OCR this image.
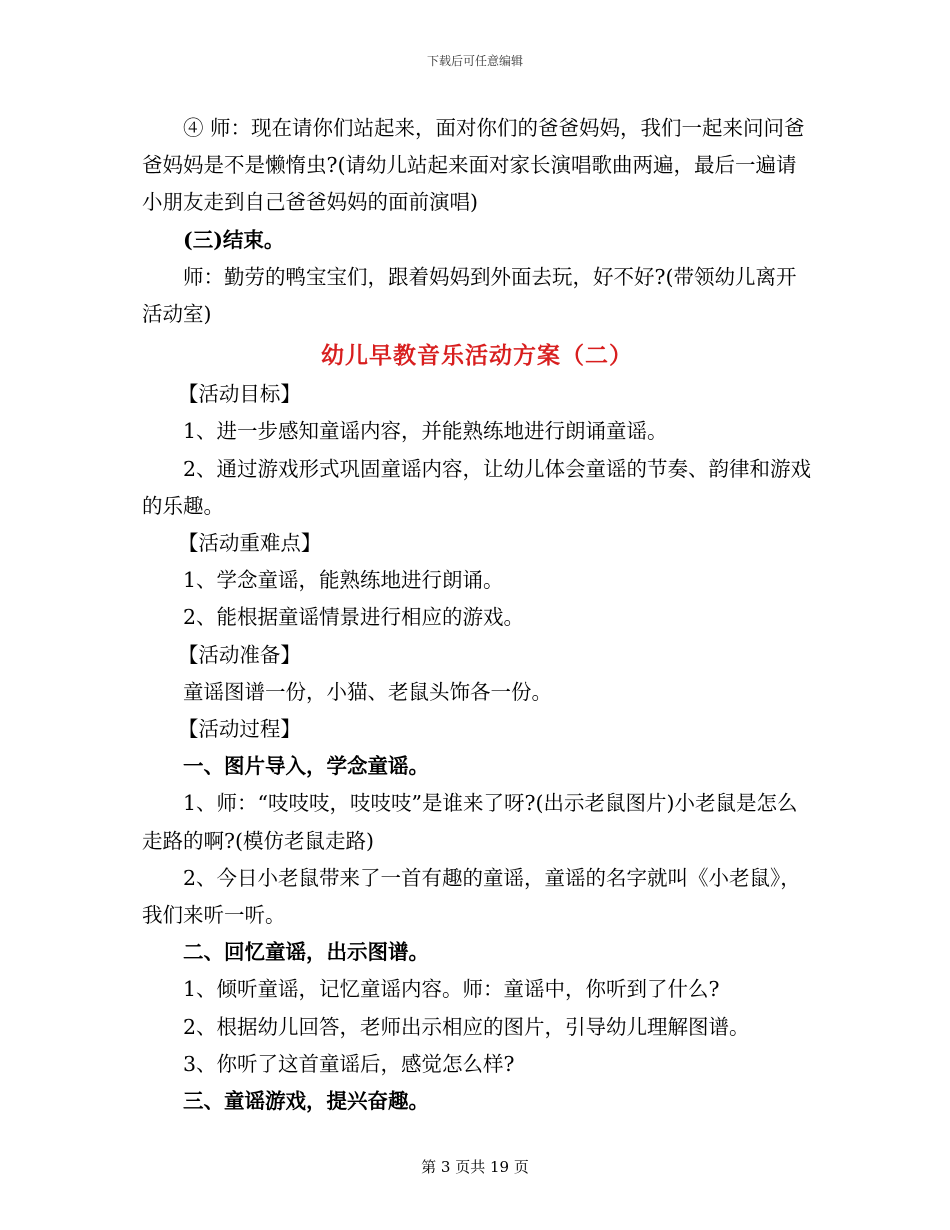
下载后可任意编辑

④ 师：现在请你们站起来，面对你们的爸爸妈妈，我们一起来问问爸爸妈妈是不是懒惰虫?(请幼儿站起来面对家长演唱歌曲两遍，最后一遍请小朋友走到自己爸爸妈妈的面前演唱)

(三)结束。

师：勤劳的鸭宝宝们，跟着妈妈到外面去玩，好不好?(带领幼儿离开活动室)

幼儿早教音乐活动方案（二）

【活动目标】

1、进一步感知童谣内容，并能熟练地进行朗诵童谣。

2、通过游戏形式巩固童谣内容，让幼儿体会童谣的节奏、韵律和游戏的乐趣。

【活动重难点】

1、学念童谣，能熟练地进行朗诵。

2、能根据童谣情景进行相应的游戏。

【活动准备】

童谣图谱一份，小猫、老鼠头饰各一份。

【活动过程】

一、图片导入，学念童谣。

1、师：“吱吱吱，吱吱吱”是谁来了呀?(出示老鼠图片)小老鼠是怎么走路的啊?(模仿老鼠走路)

2、今日小老鼠带来了一首有趣的童谣，童谣的名字就叫《小老鼠》，我们来听一听。

二、回忆童谣，出示图谱。

1、倾听童谣，记忆童谣内容。师：童谣中，你听到了什么?

2、根据幼儿回答，老师出示相应的图片，引导幼儿理解图谱。

3、你听了这首童谣后，感觉怎么样?

三、童谣游戏，提兴奋趣。

第 3 页共 19 页
